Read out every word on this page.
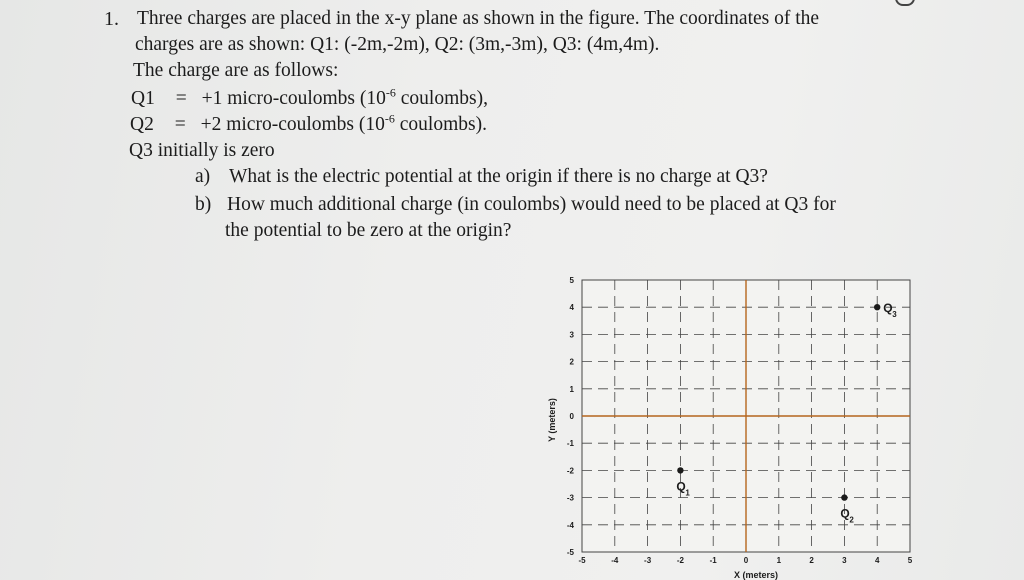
1. Three charges are placed in the x-y plane as shown in the figure. The coordinates of the
charges are as shown: Q1: (-2m,-2m), Q2: (3m,-3m), Q3: (4m,4m).
The charge are as follows:
Q1 = +1 micro-coulombs ($10^{-6}$ coulombs),
Q2 = +2 micro-coulombs ($10^{-6}$ coulombs).
Q3 initially is zero
a) What is the electric potential at the origin if there is no charge at Q3?
b) How much additional charge (in coulombs) would need to be placed at Q3 for
the potential to be zero at the origin?
-5	-4	-3	-2	-1	0	1	2	3	4	5
5
4
3
2
1
0
-1
-2
-3
-4
-5
Q 1
Q 2
Q 3
X (meters)
Y (meters)
